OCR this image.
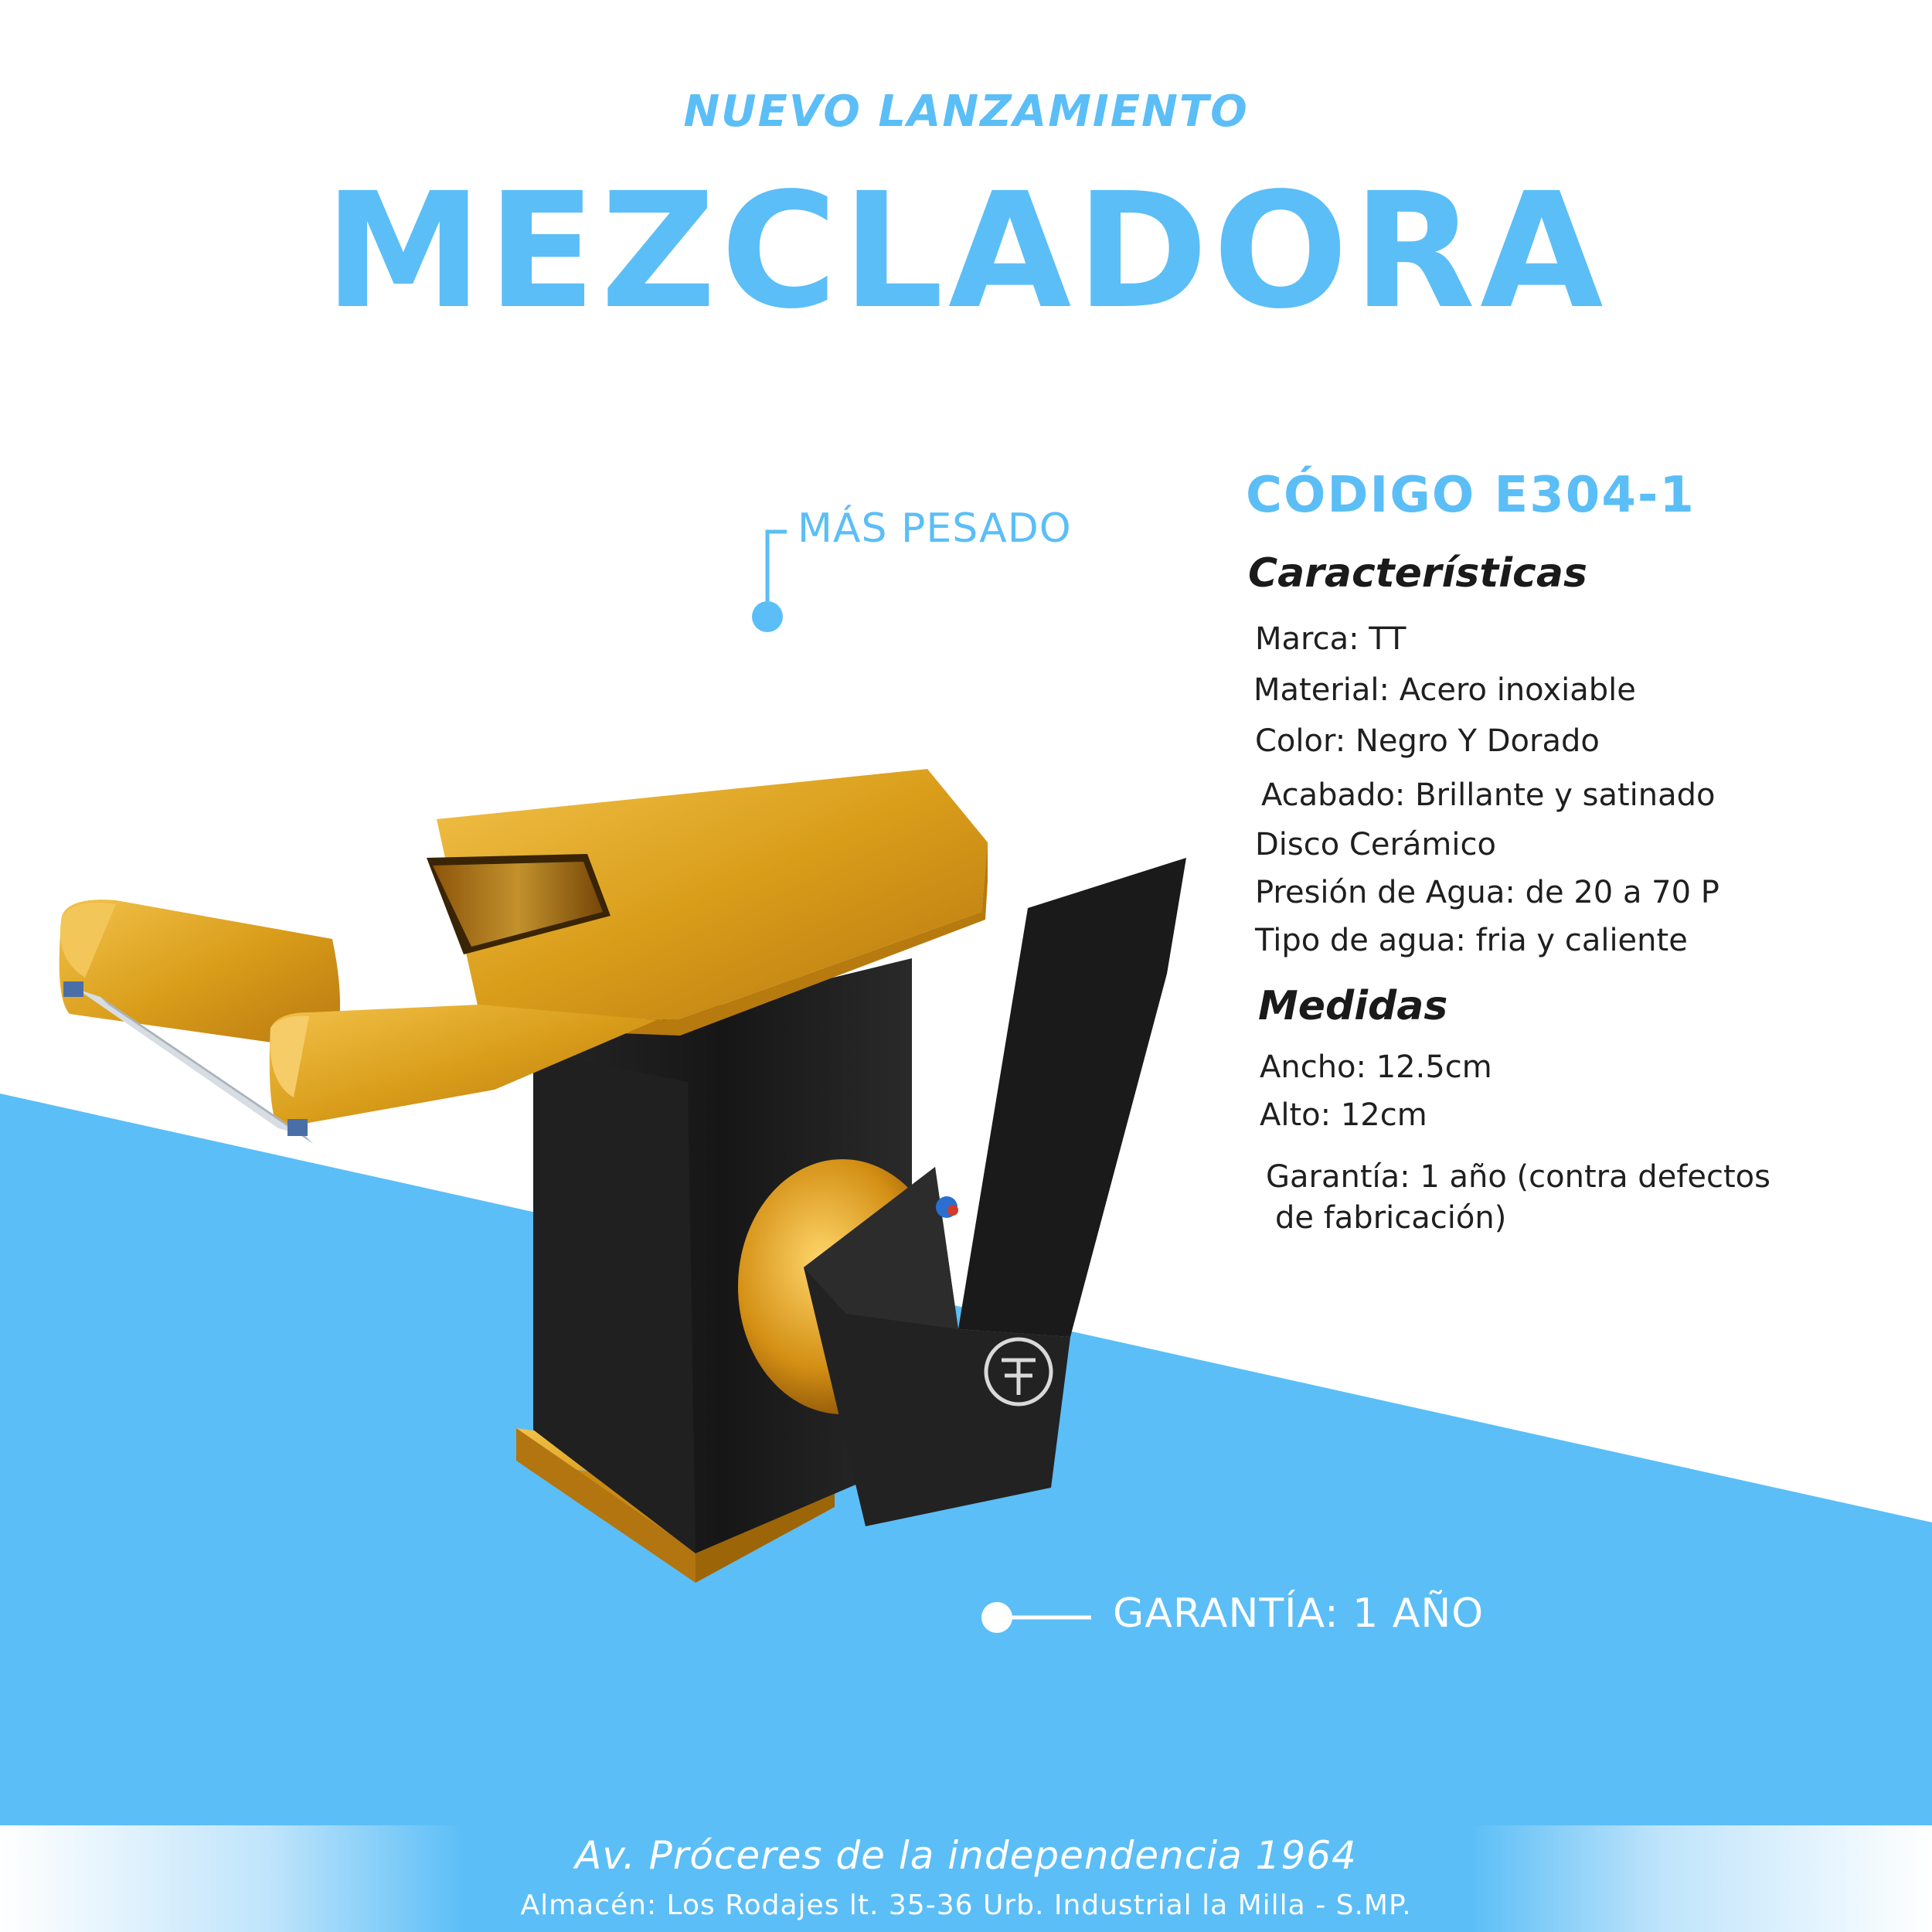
NUEVO LANZAMIENTO
MEZCLADORA
MÁS PESADO
GARANTÍA: 1 AÑO
CÓDIGO E304-1
Características
Marca: TT
Material: Acero inoxiable
Color: Negro Y Dorado
Acabado: Brillante y satinado
Disco Cerámico
Presión de Agua: de 20 a 70 P
Tipo de agua: fria y caliente
Medidas
Ancho: 12.5cm
Alto: 12cm
Garantía: 1 año (contra defectos
de fabricación)
Av. Próceres de la independencia 1964
Almacén: Los Rodajes lt. 35-36 Urb. Industrial la Milla - S.MP.
